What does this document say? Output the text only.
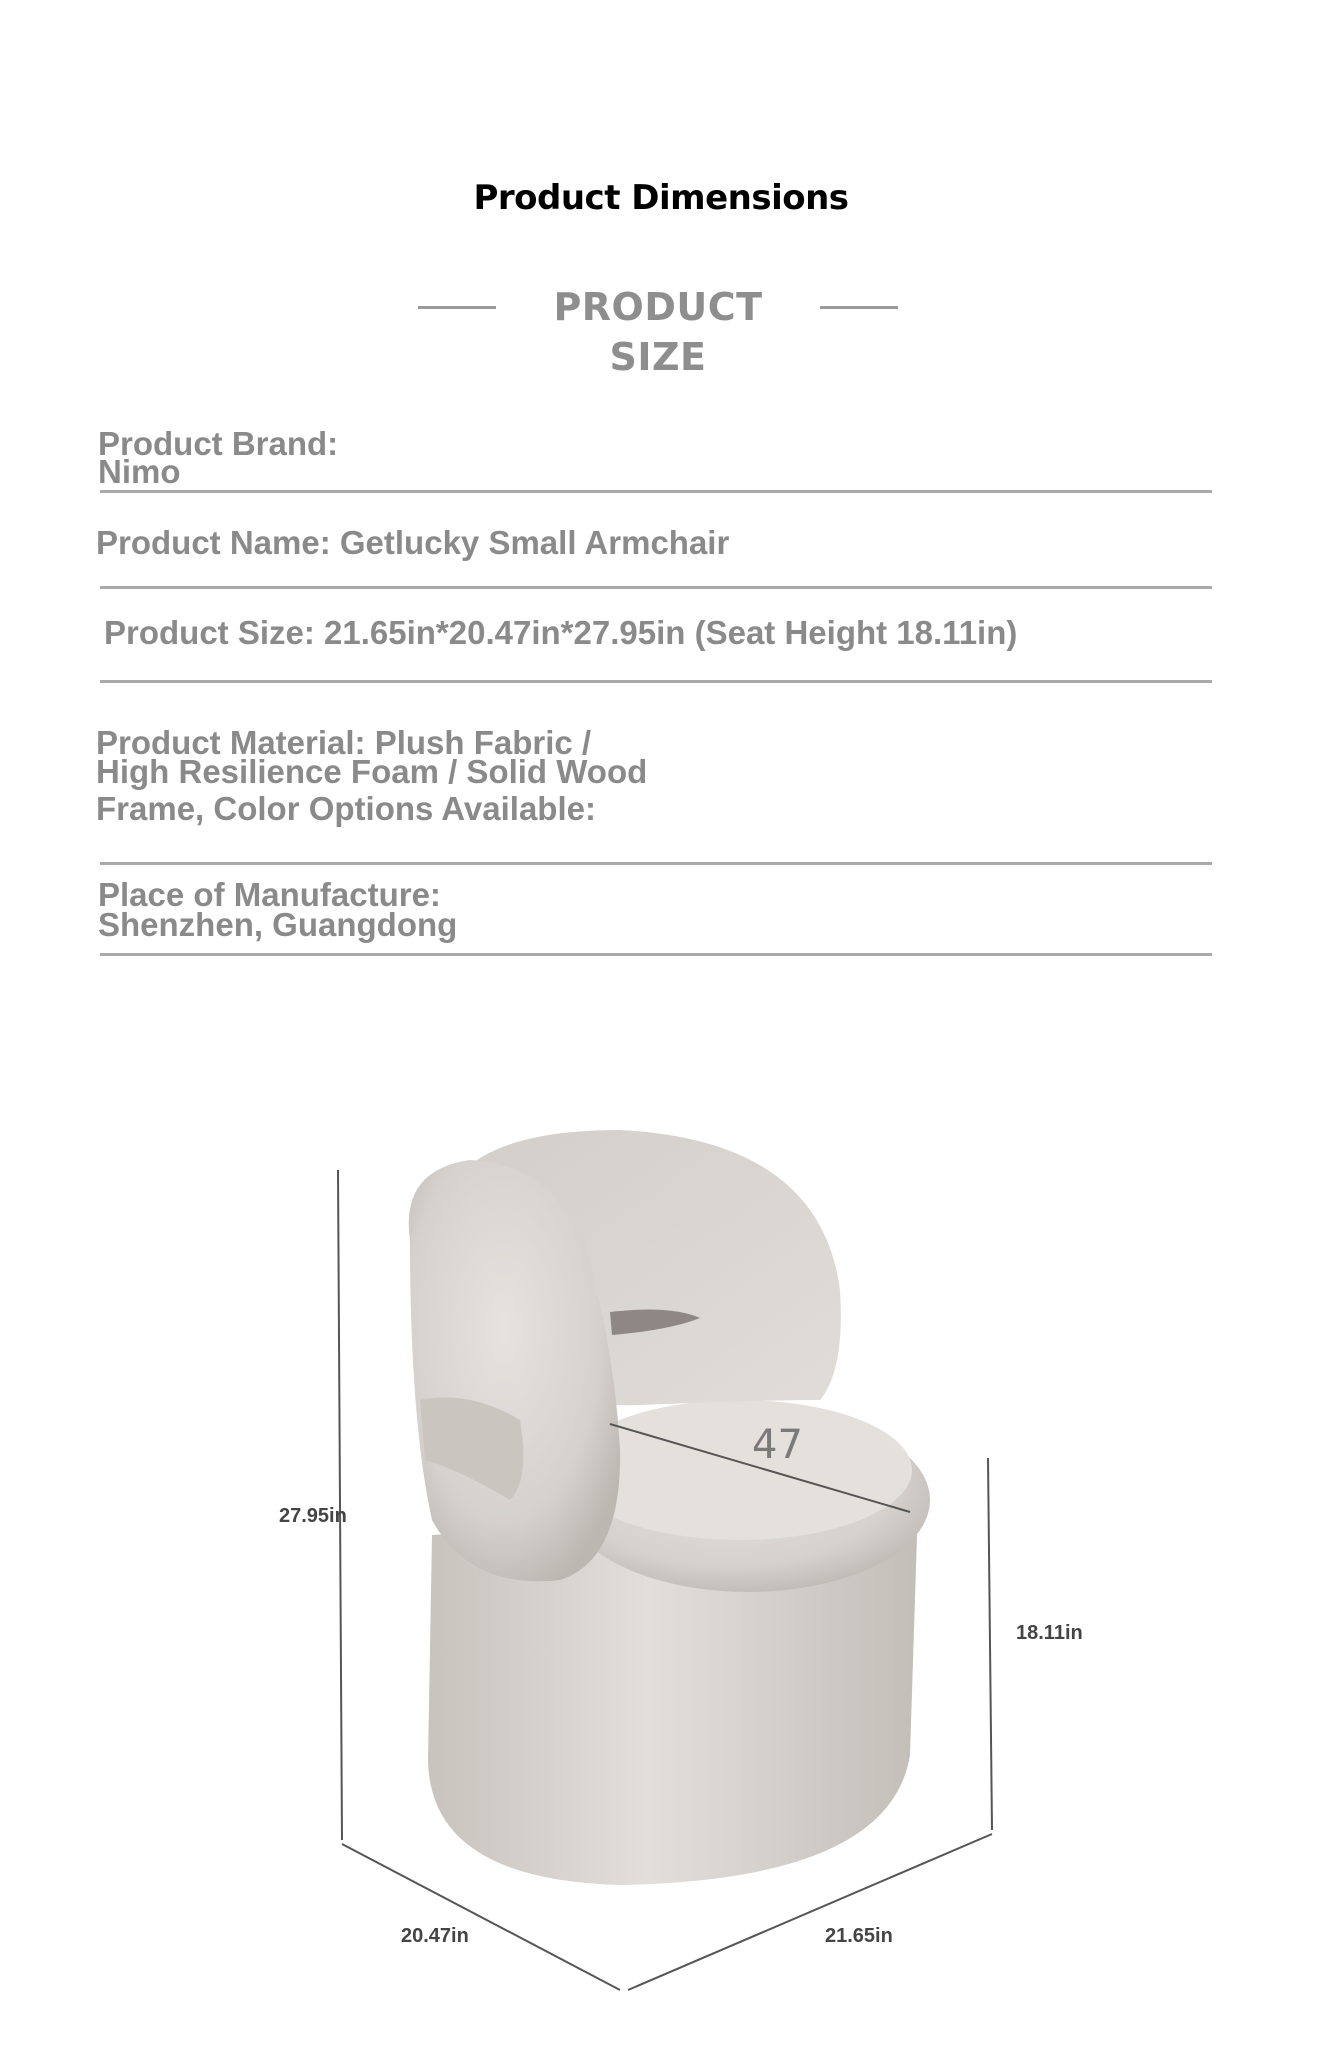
Product Dimensions
PRODUCT SIZE
Product Brand:
Nimo
Product Name: Getlucky Small Armchair
Product Size: 21.65in*20.47in*27.95in (Seat Height 18.11in)
Product Material: Plush Fabric /
High Resilience Foam / Solid Wood
Frame, Color Options Available:
Place of Manufacture:
Shenzhen, Guangdong
47
27.95in
18.11in
20.47in	21.65in
